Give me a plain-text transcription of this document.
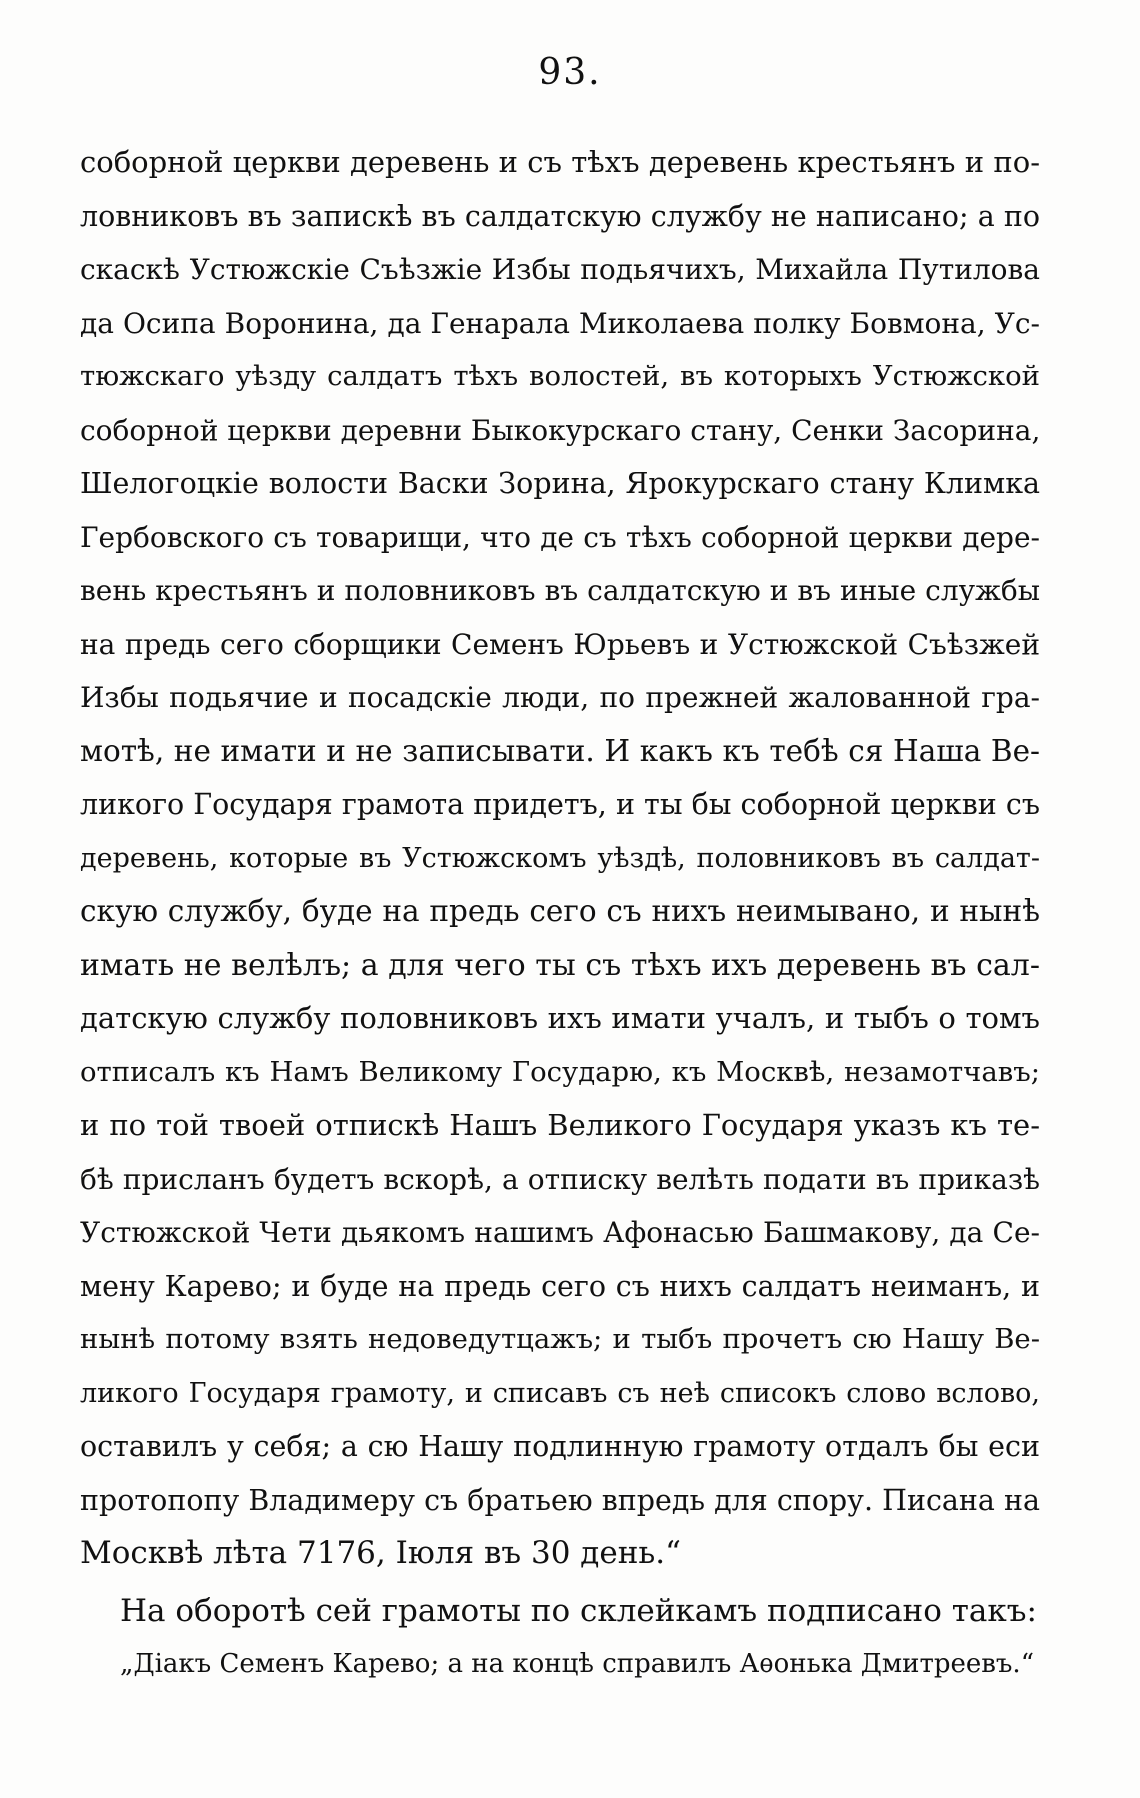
93.
соборной церкви деревень и съ тѣхъ деревень крестьянъ и по-
ловниковъ въ запискѣ въ салдатскую службу не написано; а по
скаскѣ Устюжскіе Съѣзжіе Избы подьячихъ, Михайла Путилова
да Осипа Воронина, да Генарала Миколаева полку Бовмона, Ус-
тюжскаго уѣзду салдатъ тѣхъ волостей, въ которыхъ Устюжской
соборной церкви деревни Быкокурскаго стану, Сенки Засорина,
Шелогоцкіе волости Васки Зорина, Ярокурскаго стану Климка
Гербовского съ товарищи, что де съ тѣхъ соборной церкви дере-
вень крестьянъ и половниковъ въ салдатскую и въ иные службы
на предь сего сборщики Семенъ Юрьевъ и Устюжской Съѣзжей
Избы подьячие и посадскіе люди, по прежней жалованной гра-
мотѣ, не имати и не записывати. И какъ къ тебѣ ся Наша Ве-
ликого Государя грамота придетъ, и ты бы соборной церкви съ
деревень, которые въ Устюжскомъ уѣздѣ, половниковъ въ салдат-
скую службу, буде на предь сего съ нихъ неимывано, и нынѣ
имать не велѣлъ; а для чего ты съ тѣхъ ихъ деревень въ сал-
датскую службу половниковъ ихъ имати учалъ, и тыбъ о томъ
отписалъ къ Намъ Великому Государю, къ Москвѣ, незамотчавъ;
и по той твоей отпискѣ Нашъ Великого Государя указъ къ те-
бѣ присланъ будетъ вскорѣ, а отписку велѣть подати въ приказѣ
Устюжской Чети дьякомъ нашимъ Афонасью Башмакову, да Се-
мену Карево; и буде на предь сего съ нихъ салдатъ неиманъ, и
нынѣ потому взять недоведутцажъ; и тыбъ прочетъ сю Нашу Ве-
ликого Государя грамоту, и списавъ съ неѣ списокъ слово вслово,
оставилъ у себя; а сю Нашу подлинную грамоту отдалъ бы еси
протопопу Владимеру съ братьею впредь для спору. Писана на
Москвѣ лѣта 7176, Іюля въ 30 день.“
На оборотѣ сей грамоты по склейкамъ подписано такъ:
„Діакъ Семенъ Карево; а на концѣ справилъ Аѳонька Дмитреевъ.“
